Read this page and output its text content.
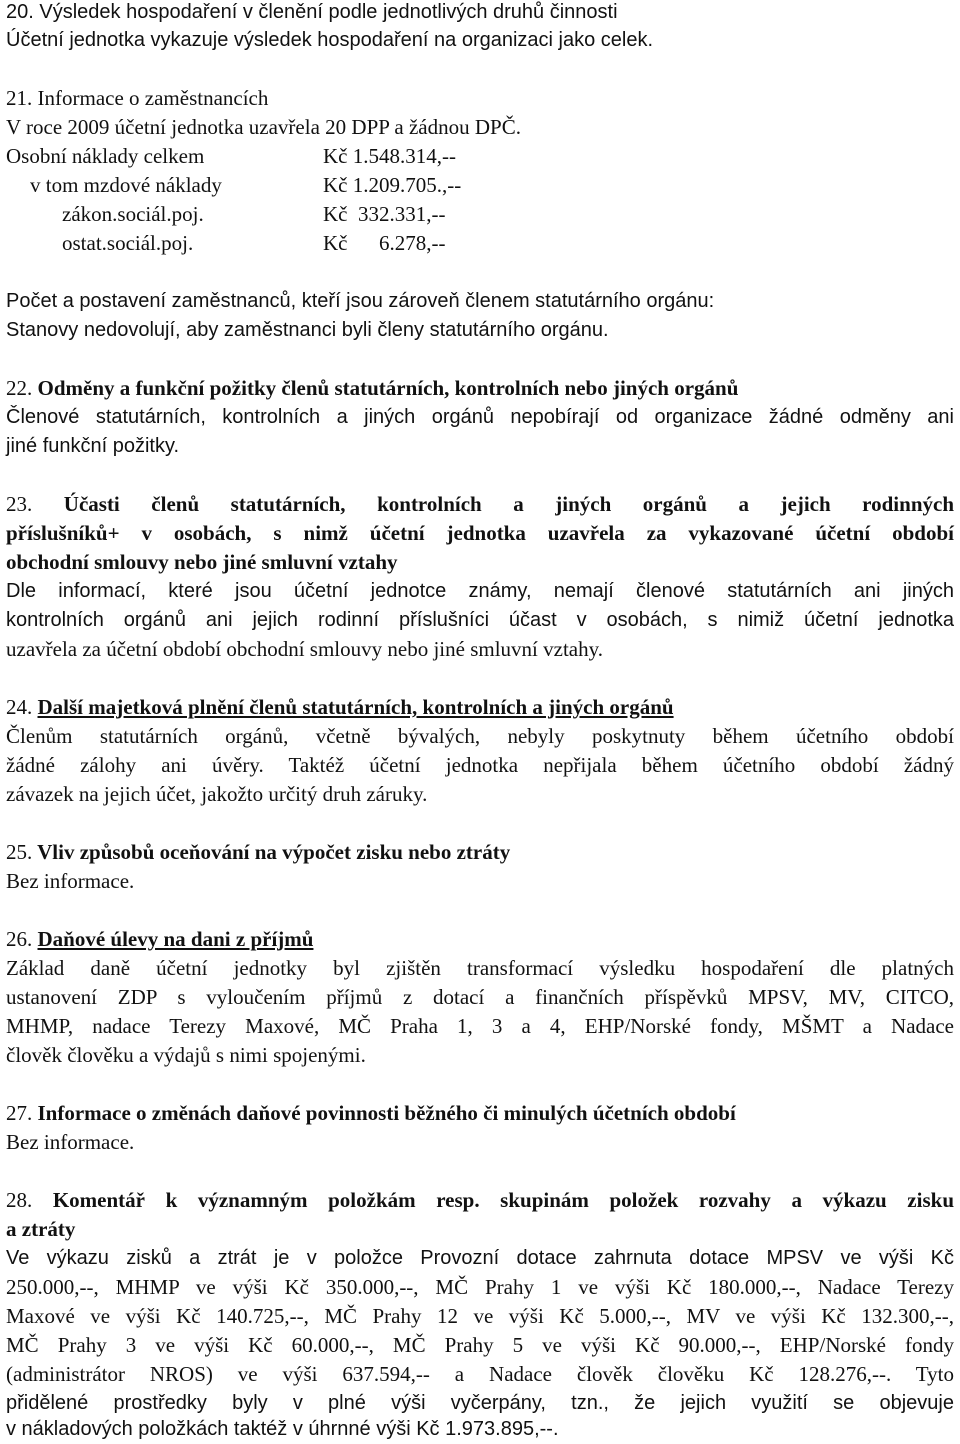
20. Výsledek hospodaření v členění podle jednotlivých druhů činnosti
Účetní jednotka vykazuje výsledek hospodaření na organizaci jako celek.
21. Informace o zaměstnancích
V roce 2009 účetní jednotka uzavřela 20 DPP a žádnou DPČ.
Osobní náklady celkem	Kč 1.548.314,--
v tom mzdové náklady	Kč 1.209.705.,--
zákon.sociál.poj.	Kč  332.331,--
ostat.sociál.poj.	Kč      6.278,--
Počet a postavení zaměstnanců, kteří jsou zároveň členem statutárního orgánu:
Stanovy nedovolují, aby zaměstnanci byli členy statutárního orgánu.
22. Odměny a funkční požitky členů statutárních, kontrolních nebo jiných orgánů
Členové statutárních, kontrolních a jiných orgánů nepobírají od organizace žádné odměny ani
jiné funkční požitky.
23. Účasti členů statutárních, kontrolních a jiných orgánů a jejich rodinných
příslušníků+ v osobách, s nimž účetní jednotka uzavřela za vykazované účetní období
obchodní smlouvy nebo jiné smluvní vztahy
Dle informací, které jsou účetní jednotce známy, nemají členové statutárních ani jiných
kontrolních orgánů ani jejich rodinní příslušníci účast v osobách, s nimiž účetní jednotka
uzavřela za účetní období obchodní smlouvy nebo jiné smluvní vztahy.
24. Další majetková plnění členů statutárních, kontrolních a jiných orgánů
Členům statutárních orgánů, včetně bývalých, nebyly poskytnuty během účetního období
žádné zálohy ani úvěry. Taktéž účetní jednotka nepřijala během účetního období žádný
závazek na jejich účet, jakožto určitý druh záruky.
25. Vliv způsobů oceňování na výpočet zisku nebo ztráty
Bez informace.
26. Daňové úlevy na dani z příjmů
Základ daně účetní jednotky byl zjištěn transformací výsledku hospodaření dle platných
ustanovení ZDP s vyloučením příjmů z dotací a finančních příspěvků MPSV, MV, CITCO,
MHMP, nadace Terezy Maxové, MČ Praha 1, 3 a 4, EHP/Norské fondy, MŠMT a Nadace
člověk člověku a výdajů s nimi spojenými.
27. Informace o změnách daňové povinnosti běžného či minulých účetních období
Bez informace.
28. Komentář k významným položkám resp. skupinám položek rozvahy a výkazu zisku
a ztráty
Ve výkazu zisků a ztrát je v položce Provozní dotace zahrnuta dotace MPSV ve výši Kč
250.000,--, MHMP ve výši Kč 350.000,--, MČ Prahy 1 ve výši Kč 180.000,--, Nadace Terezy
Maxové ve výši Kč 140.725,--, MČ Prahy 12 ve výši Kč 5.000,--, MV ve výši Kč 132.300,--,
MČ Prahy 3 ve výši Kč 60.000,--, MČ Prahy 5 ve výši Kč 90.000,--, EHP/Norské fondy
(administrátor NROS) ve výši 637.594,-- a Nadace člověk člověku Kč 128.276,--. Tyto
přidělené prostředky byly v plné výši vyčerpány, tzn., že jejich využití se objevuje
v nákladových položkách taktéž v úhrnné výši Kč 1.973.895,--.
